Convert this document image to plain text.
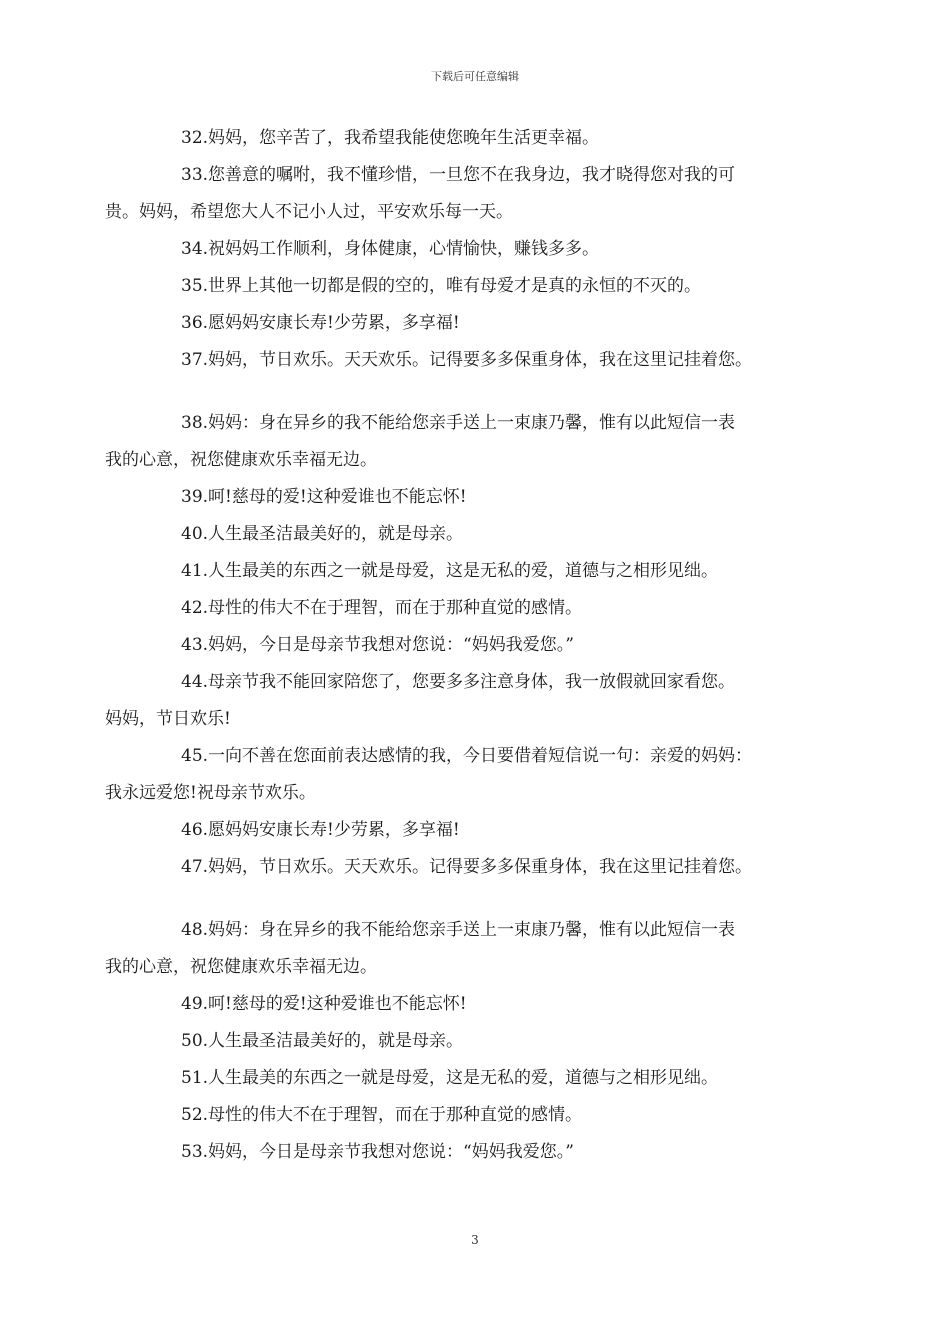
下载后可任意编辑
32.妈妈，您辛苦了，我希望我能使您晚年生活更幸福。
33.您善意的嘱咐，我不懂珍惜，一旦您不在我身边，我才晓得您对我的可
贵。妈妈，希望您大人不记小人过，平安欢乐每一天。
34.祝妈妈工作顺利，身体健康，心情愉快，赚钱多多。
35.世界上其他一切都是假的空的，唯有母爱才是真的永恒的不灭的。
36.愿妈妈安康长寿!少劳累，多享福!
37.妈妈，节日欢乐。天天欢乐。记得要多多保重身体，我在这里记挂着您。
38.妈妈：身在异乡的我不能给您亲手送上一束康乃馨，惟有以此短信一表
我的心意，祝您健康欢乐幸福无边。
39.呵!慈母的爱!这种爱谁也不能忘怀!
40.人生最圣洁最美好的，就是母亲。
41.人生最美的东西之一就是母爱，这是无私的爱，道德与之相形见绌。
42.母性的伟大不在于理智，而在于那种直觉的感情。
43.妈妈，今日是母亲节我想对您说：“妈妈我爱您。”
44.母亲节我不能回家陪您了，您要多多注意身体，我一放假就回家看您。
妈妈，节日欢乐!
45.一向不善在您面前表达感情的我，今日要借着短信说一句：亲爱的妈妈：
我永远爱您!祝母亲节欢乐。
46.愿妈妈安康长寿!少劳累，多享福!
47.妈妈，节日欢乐。天天欢乐。记得要多多保重身体，我在这里记挂着您。
48.妈妈：身在异乡的我不能给您亲手送上一束康乃馨，惟有以此短信一表
我的心意，祝您健康欢乐幸福无边。
49.呵!慈母的爱!这种爱谁也不能忘怀!
50.人生最圣洁最美好的，就是母亲。
51.人生最美的东西之一就是母爱，这是无私的爱，道德与之相形见绌。
52.母性的伟大不在于理智，而在于那种直觉的感情。
53.妈妈，今日是母亲节我想对您说：“妈妈我爱您。”
3
